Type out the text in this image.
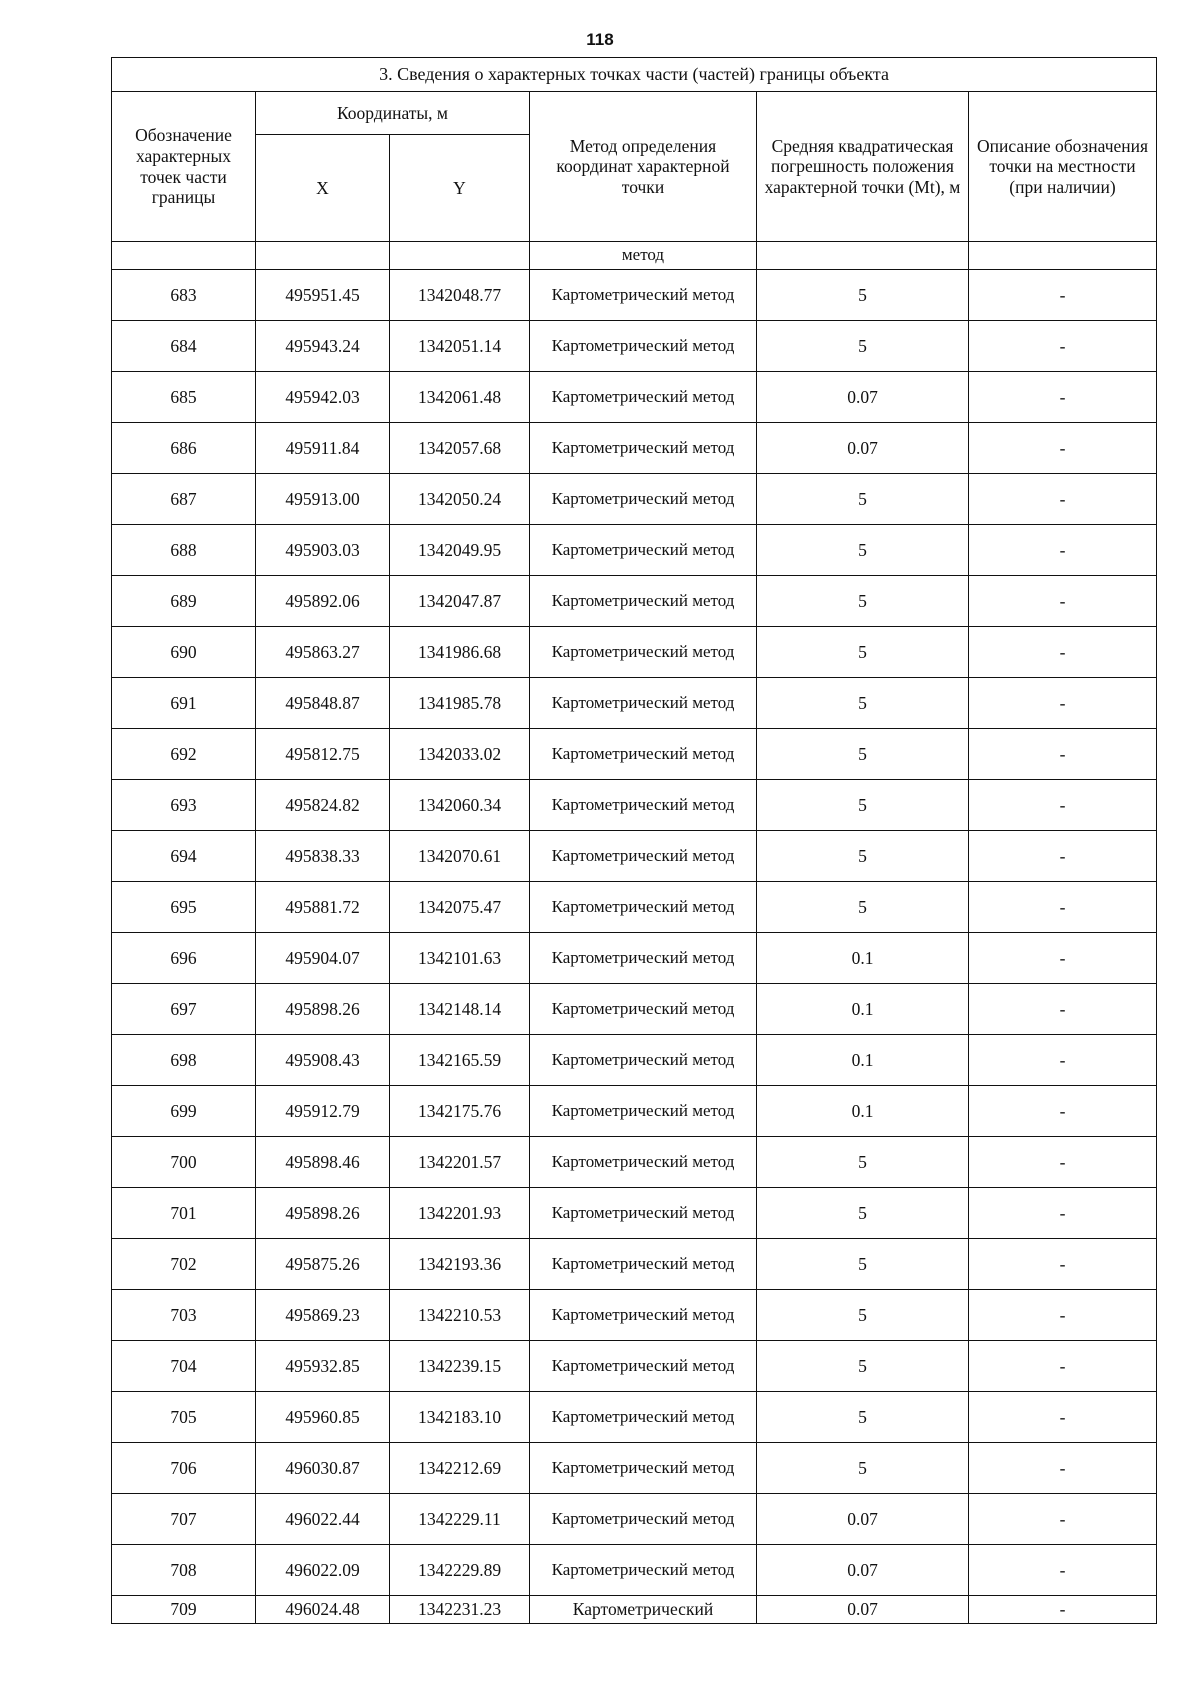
118
3. Сведения о характерных точках части (частей) границы объекта					
Обозначение характерных точек части границы	Координаты, м		Метод определения координат характерной точки	Средняя квадратическая погрешность положения характерной точки (Mt), м	Описание обозначения точки на местности (при наличии)
	X	Y			
			метод		
683	495951.45	1342048.77	Картометрический метод	5	-
684	495943.24	1342051.14	Картометрический метод	5	-
685	495942.03	1342061.48	Картометрический метод	0.07	-
686	495911.84	1342057.68	Картометрический метод	0.07	-
687	495913.00	1342050.24	Картометрический метод	5	-
688	495903.03	1342049.95	Картометрический метод	5	-
689	495892.06	1342047.87	Картометрический метод	5	-
690	495863.27	1341986.68	Картометрический метод	5	-
691	495848.87	1341985.78	Картометрический метод	5	-
692	495812.75	1342033.02	Картометрический метод	5	-
693	495824.82	1342060.34	Картометрический метод	5	-
694	495838.33	1342070.61	Картометрический метод	5	-
695	495881.72	1342075.47	Картометрический метод	5	-
696	495904.07	1342101.63	Картометрический метод	0.1	-
697	495898.26	1342148.14	Картометрический метод	0.1	-
698	495908.43	1342165.59	Картометрический метод	0.1	-
699	495912.79	1342175.76	Картометрический метод	0.1	-
700	495898.46	1342201.57	Картометрический метод	5	-
701	495898.26	1342201.93	Картометрический метод	5	-
702	495875.26	1342193.36	Картометрический метод	5	-
703	495869.23	1342210.53	Картометрический метод	5	-
704	495932.85	1342239.15	Картометрический метод	5	-
705	495960.85	1342183.10	Картометрический метод	5	-
706	496030.87	1342212.69	Картометрический метод	5	-
707	496022.44	1342229.11	Картометрический метод	0.07	-
708	496022.09	1342229.89	Картометрический метод	0.07	-
709	496024.48	1342231.23	Картометрический	0.07	-
